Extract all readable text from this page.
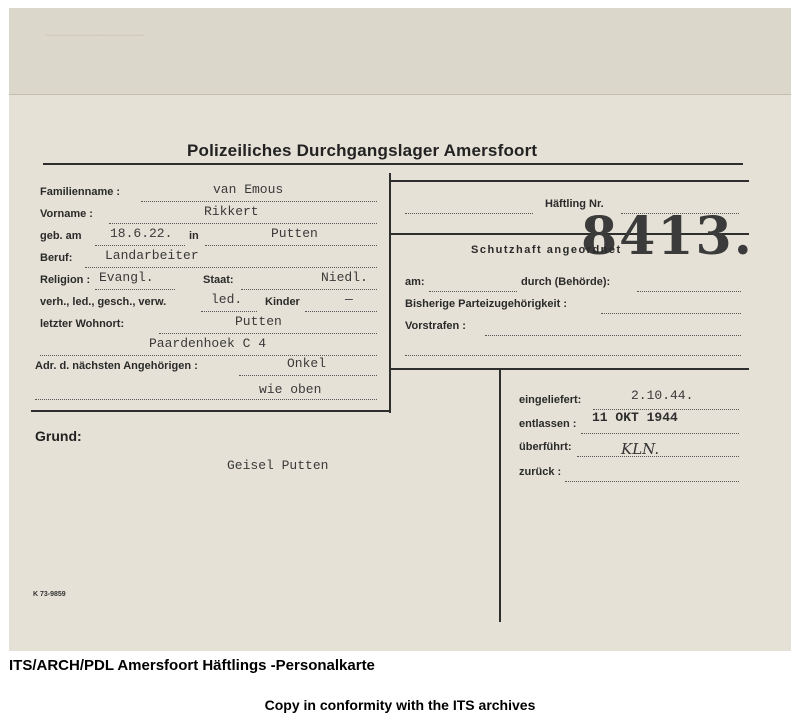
———————————————
Polizeiliches Durchgangslager Amersfoort
Familienname :	van Emous
Vorname :	Rikkert
geb. am 18.6.22. in	Putten
Beruf:	Landarbeiter
Religion : Evangl.	Staat:	Niedl.
verh., led., gesch., verw.	led. Kinder	—
letzter Wohnort:	Putten
Paardenhoek C 4
Adr. d. nächsten Angehörigen :	Onkel
wie oben
Häftling Nr.
8413.
Schutzhaft angeordnet
am:	durch (Behörde):
Bisherige Parteizugehörigkeit :
Vorstrafen :
Grund:
Geisel Putten
K 73-9859
eingeliefert:	2.10.44.
entlassen : 11 OKT 1944
überführt:	KLN.
zurück :
ITS/ARCH/PDL Amersfoort Häftlings -Personalkarte
Copy in conformity with the ITS archives
